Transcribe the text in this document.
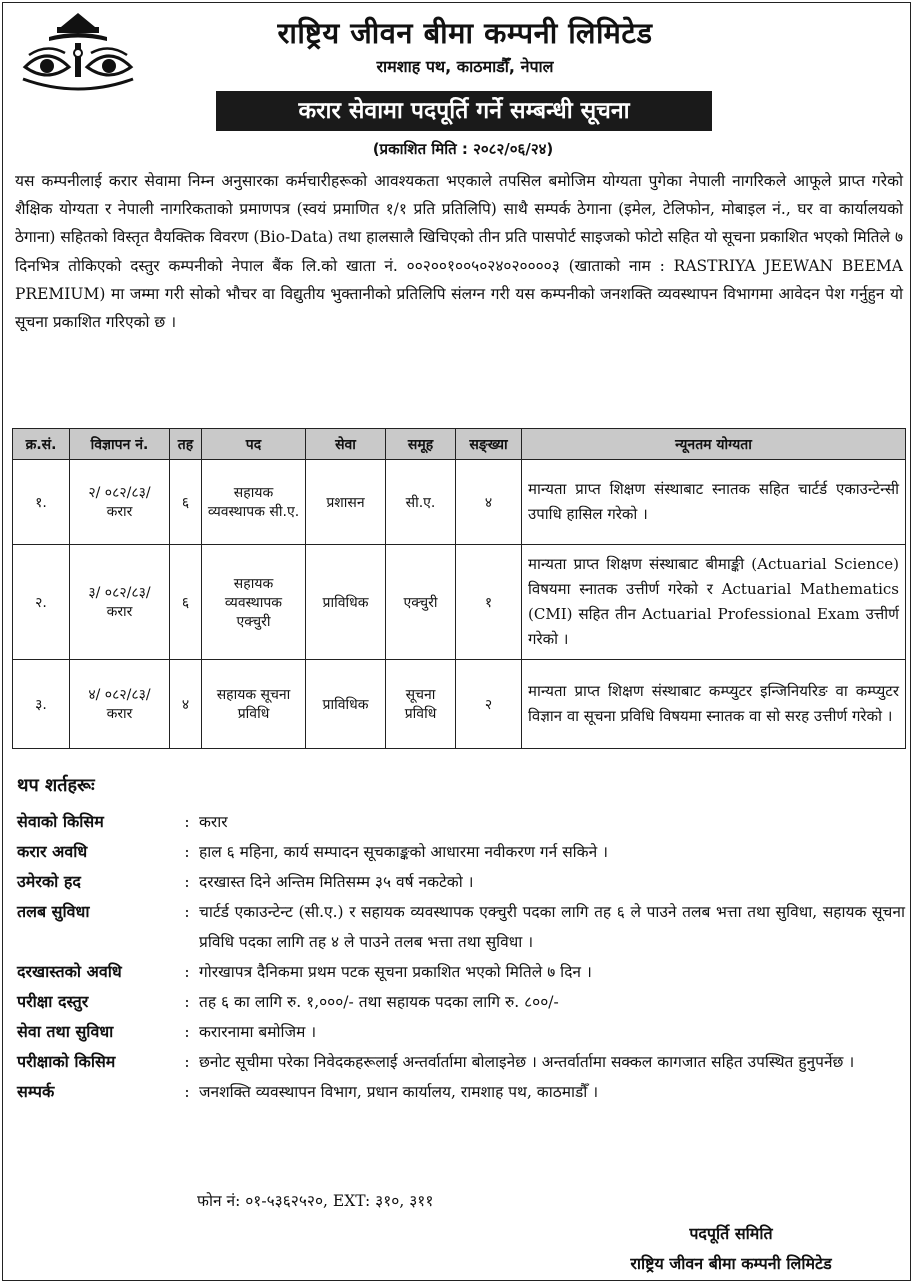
राष्ट्रिय जीवन बीमा कम्पनी लिमिटेड
रामशाह पथ, काठमाडौँ, नेपाल
करार सेवामा पदपूर्ति गर्ने सम्बन्धी सूचना
(प्रकाशित मिति : २०८२/०६/२४)
यस कम्पनीलाई करार सेवामा निम्न अनुसारका कर्मचारीहरूको आवश्यकता भएकाले तपसिल बमोजिम योग्यता पुगेका नेपाली नागरिकले आफूले प्राप्त गरेको शैक्षिक योग्यता र नेपाली नागरिकताको प्रमाणपत्र (स्वयं प्रमाणित १/१ प्रति प्रतिलिपि) साथै सम्पर्क ठेगाना (इमेल, टेलिफोन, मोबाइल नं., घर वा कार्यालयको ठेगाना) सहितको विस्तृत वैयक्तिक विवरण (Bio-Data) तथा हालसालै खिचिएको तीन प्रति पासपोर्ट साइजको फोटो सहित यो सूचना प्रकाशित भएको मितिले ७ दिनभित्र तोकिएको दस्तुर कम्पनीको नेपाल बैंक लि.को खाता नं. ००२००१००५०२४०२००००३ (खाताको नाम : RASTRIYA JEEWAN BEEMA PREMIUM) मा जम्मा गरी सोको भौचर वा विद्युतीय भुक्तानीको प्रतिलिपि संलग्न गरी यस कम्पनीको जनशक्ति व्यवस्थापन विभागमा आवेदन पेश गर्नुहुन यो सूचना प्रकाशित गरिएको छ ।
क्र.सं.	विज्ञापन नं.	तह	पद	सेवा	समूह	सङ्ख्या	न्यूनतम योग्यता
१.	२/ ०८२/८३/ करार	६	सहायक व्यवस्थापक सी.ए.	प्रशासन	सी.ए.	४	मान्यता प्राप्त शिक्षण संस्थाबाट स्नातक सहित चार्टर्ड एकाउन्टेन्सी उपाधि हासिल गरेको ।
२.	३/ ०८२/८३/ करार	६	सहायक व्यवस्थापक एक्चुरी	प्राविधिक	एक्चुरी	१	मान्यता प्राप्त शिक्षण संस्थाबाट बीमाङ्की (Actuarial Science) विषयमा स्नातक उत्तीर्ण गरेको र Actuarial Mathematics (CMI) सहित तीन Actuarial Professional Exam उत्तीर्ण गरेको ।
३.	४/ ०८२/८३/ करार	४	सहायक सूचना प्रविधि	प्राविधिक	सूचना प्रविधि	२	मान्यता प्राप्त शिक्षण संस्थाबाट कम्प्युटर इन्जिनियरिङ वा कम्प्युटर विज्ञान वा सूचना प्रविधि विषयमा स्नातक वा सो सरह उत्तीर्ण गरेको ।
थप शर्तहरूः
सेवाको किसिम	: करार
करार अवधि	: हाल ६ महिना, कार्य सम्पादन सूचकाङ्कको आधारमा नवीकरण गर्न सकिने ।
उमेरको हद	: दरखास्त दिने अन्तिम मितिसम्म ३५ वर्ष नकटेको ।
तलब सुविधा	: चार्टर्ड एकाउन्टेन्ट (सी.ए.) र सहायक व्यवस्थापक एक्चुरी पदका लागि तह ६ ले पाउने तलब भत्ता तथा सुविधा, सहायक सूचना प्रविधि पदका लागि तह ४ ले पाउने तलब भत्ता तथा सुविधा ।
दरखास्तको अवधि	: गोरखापत्र दैनिकमा प्रथम पटक सूचना प्रकाशित भएको मितिले ७ दिन ।
परीक्षा दस्तुर	: तह ६ का लागि रु. १,०००/- तथा सहायक पदका लागि रु. ८००/-
सेवा तथा सुविधा	: करारनामा बमोजिम ।
परीक्षाको किसिम	: छनोट सूचीमा परेका निवेदकहरूलाई अन्तर्वार्तामा बोलाइनेछ । अन्तर्वार्तामा सक्कल कागजात सहित उपस्थित हुनुपर्नेछ ।
सम्पर्क	: जनशक्ति व्यवस्थापन विभाग, प्रधान कार्यालय, रामशाह पथ, काठमाडौँ ।
फोन नं: ०१-५३६२५२०, EXT: ३१०, ३११
पदपूर्ति समिति
राष्ट्रिय जीवन बीमा कम्पनी लिमिटेड
